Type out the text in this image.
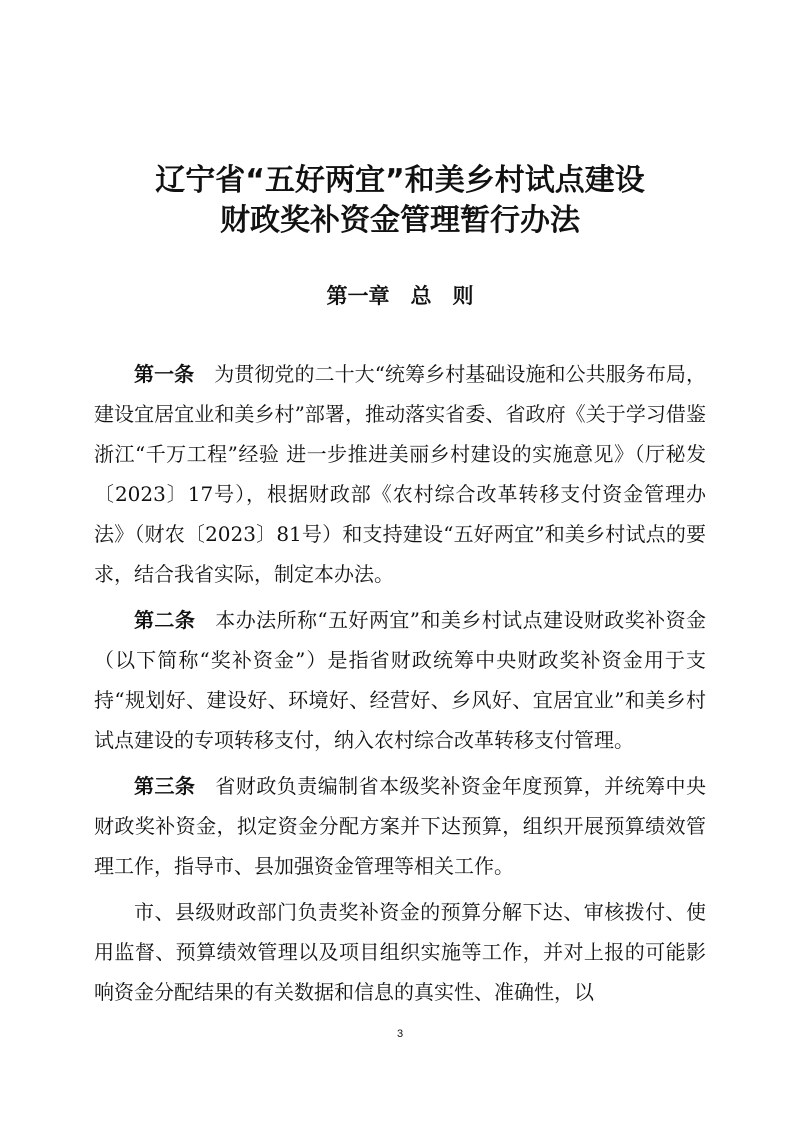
辽宁省“五好两宜”和美乡村试点建设
财政奖补资金管理暂行办法
第一章　总　则

第一条 为贯彻党的二十大“统筹乡村基础设施和公共服务布局，建设宜居宜业和美乡村”部署，推动落实省委、省政府《关于学习借鉴浙江“千万工程”经验 进一步推进美丽乡村建设的实施意见》（厅秘发〔2023〕17号），根据财政部《农村综合改革转移支付资金管理办法》（财农〔2023〕81号）和支持建设“五好两宜”和美乡村试点的要求，结合我省实际，制定本办法。

第二条 本办法所称“五好两宜”和美乡村试点建设财政奖补资金（以下简称“奖补资金”）是指省财政统筹中央财政奖补资金用于支持“规划好、建设好、环境好、经营好、乡风好、宜居宜业”和美乡村试点建设的专项转移支付，纳入农村综合改革转移支付管理。

第三条 省财政负责编制省本级奖补资金年度预算，并统筹中央财政奖补资金，拟定资金分配方案并下达预算，组织开展预算绩效管理工作，指导市、县加强资金管理等相关工作。

市、县级财政部门负责奖补资金的预算分解下达、审核拨付、使用监督、预算绩效管理以及项目组织实施等工作，并对上报的可能影响资金分配结果的有关数据和信息的真实性、准确性，以

3
